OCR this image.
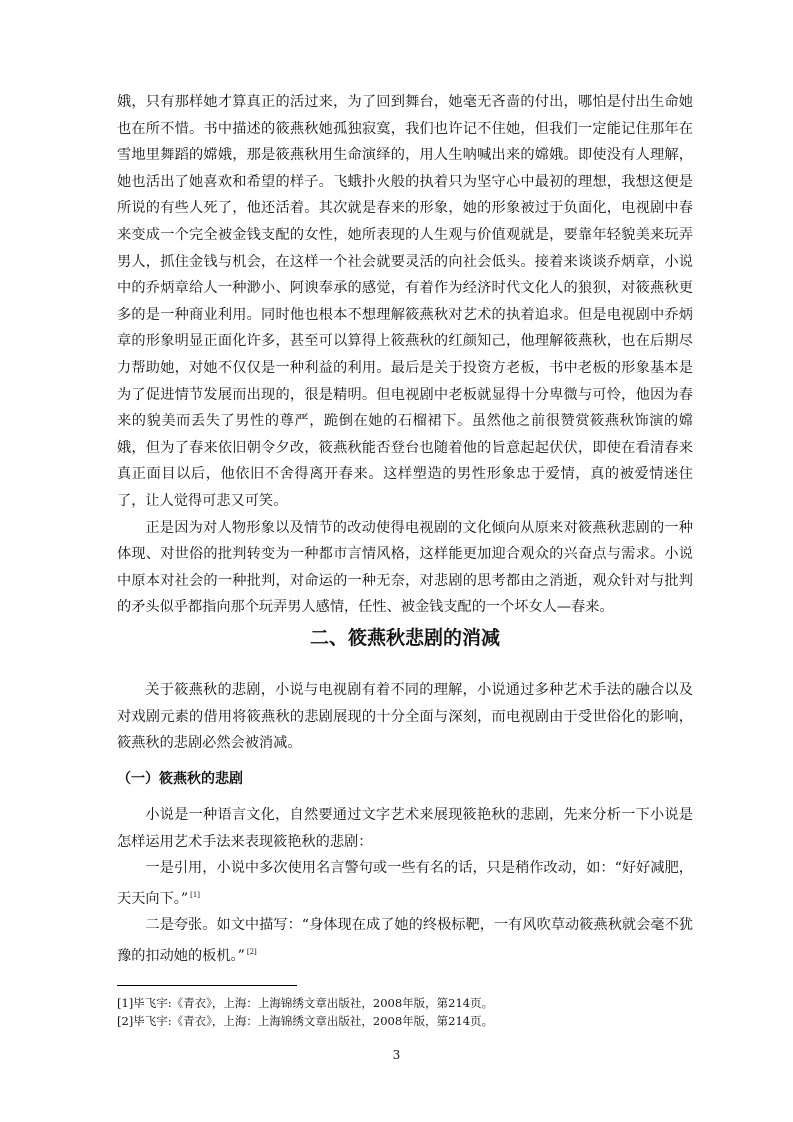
娥，只有那样她才算真正的活过来，为了回到舞台，她毫无吝啬的付出，哪怕是付出生命她也在所不惜。书中描述的筱燕秋她孤独寂寞，我们也许记不住她，但我们一定能记住那年在雪地里舞蹈的嫦娥，那是筱燕秋用生命演绎的，用人生呐喊出来的嫦娥。即使没有人理解，她也活出了她喜欢和希望的样子。飞蛾扑火般的执着只为坚守心中最初的理想，我想这便是所说的有些人死了，他还活着。其次就是春来的形象，她的形象被过于负面化，电视剧中春来变成一个完全被金钱支配的女性，她所表现的人生观与价值观就是，要靠年轻貌美来玩弄男人，抓住金钱与机会，在这样一个社会就要灵活的向社会低头。接着来谈谈乔炳章，小说中的乔炳章给人一种渺小、阿谀奉承的感觉，有着作为经济时代文化人的狼狈，对筱燕秋更多的是一种商业利用。同时他也根本不想理解筱燕秋对艺术的执着追求。但是电视剧中乔炳章的形象明显正面化许多，甚至可以算得上筱燕秋的红颜知己，他理解筱燕秋，也在后期尽力帮助她，对她不仅仅是一种利益的利用。最后是关于投资方老板，书中老板的形象基本是为了促进情节发展而出现的，很是精明。但电视剧中老板就显得十分卑微与可怜，他因为春来的貌美而丢失了男性的尊严，跪倒在她的石榴裙下。虽然他之前很赞赏筱燕秋饰演的嫦娥，但为了春来依旧朝令夕改，筱燕秋能否登台也随着他的旨意起起伏伏，即使在看清春来真正面目以后，他依旧不舍得离开春来。这样塑造的男性形象忠于爱情，真的被爱情迷住了，让人觉得可悲又可笑。

正是因为对人物形象以及情节的改动使得电视剧的文化倾向从原来对筱燕秋悲剧的一种体现、对世俗的批判转变为一种都市言情风格，这样能更加迎合观众的兴奋点与需求。小说中原本对社会的一种批判，对命运的一种无奈，对悲剧的思考都由之消逝，观众针对与批判的矛头似乎都指向那个玩弄男人感情，任性、被金钱支配的一个坏女人—春来。

二、筱燕秋悲剧的消减

关于筱燕秋的悲剧，小说与电视剧有着不同的理解，小说通过多种艺术手法的融合以及对戏剧元素的借用将筱燕秋的悲剧展现的十分全面与深刻，而电视剧由于受世俗化的影响，筱燕秋的悲剧必然会被消减。

（一）筱燕秋的悲剧

小说是一种语言文化，自然要通过文字艺术来展现筱艳秋的悲剧，先来分析一下小说是怎样运用艺术手法来表现筱艳秋的悲剧：

一是引用，小说中多次使用名言警句或一些有名的话，只是稍作改动，如：“好好减肥，天天向下。” [1]

二是夸张。如文中描写：“身体现在成了她的终极标靶，一有风吹草动筱燕秋就会毫不犹豫的扣动她的板机。” [2]

[1]毕飞宇:《青衣》，上海：上海锦绣文章出版社，2008年版，第214页。
[2]毕飞宇:《青衣》，上海：上海锦绣文章出版社，2008年版，第214页。
3
